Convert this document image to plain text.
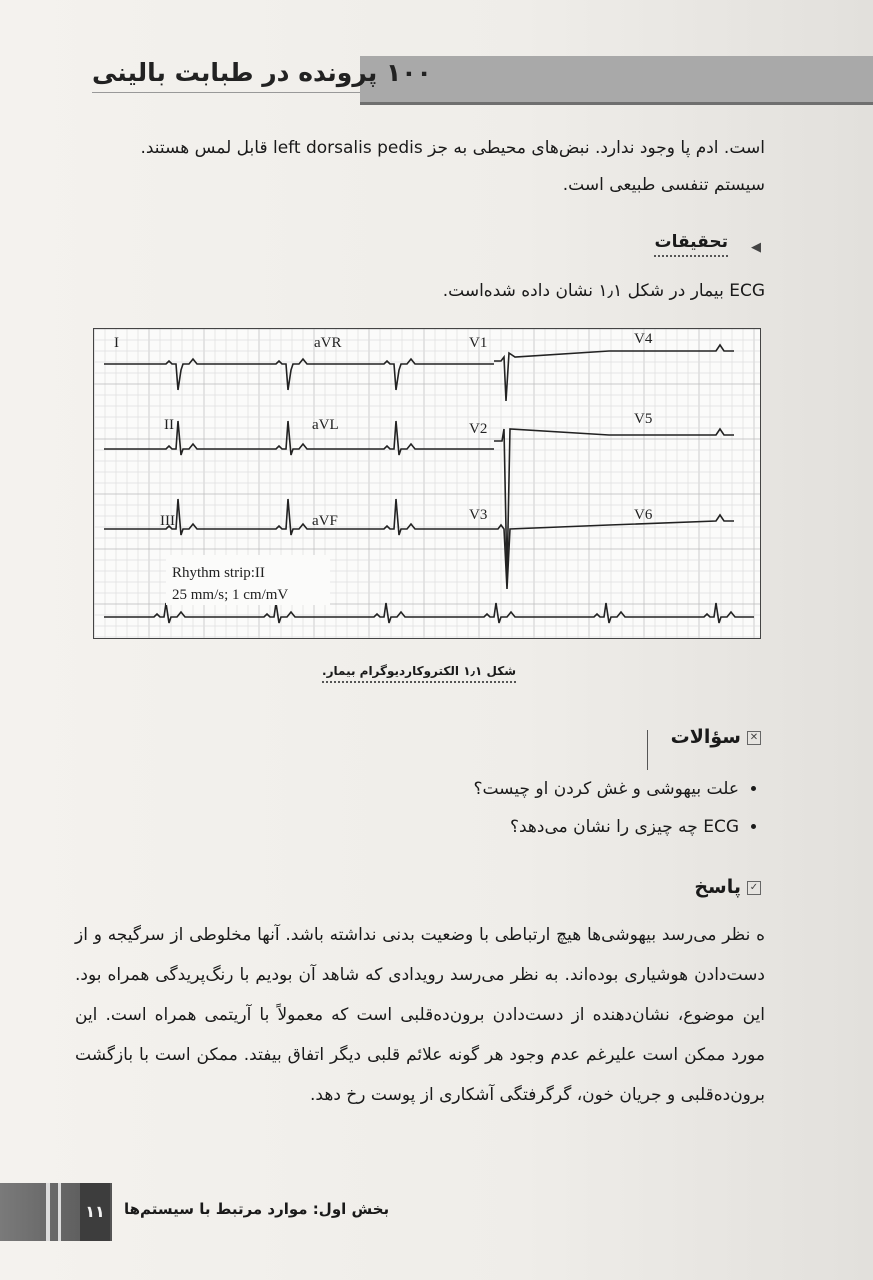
۱۰۰ پرونده در طبابت بالینی
است. ادم پا وجود ندارد. نبض‌های محیطی به جز left dorsalis pedis قابل لمس هستند. سیستم تنفسی طبیعی است.
◀
تحقیقات
ECG بیمار در شکل ۱٫۱ نشان داده شده‌است.
I	aVR	V1	V4
II	aVL	V2
V5
III	aVF	V3	V6
Rhythm strip:II
25 mm/s; 1 cm/mV
شکل ۱٫۱ الکتروکاردیوگرام بیمار.
✕
سؤالات
• علت بیهوشی و غش کردن او چیست؟
• ECG چه چیزی را نشان می‌دهد؟
✓
پاسخ
ه نظر می‌رسد بیهوشی‌ها هیچ ارتباطی با وضعیت بدنی نداشته باشد. آنها مخلوطی از سرگیجه و از دست‌دادن هوشیاری بوده‌اند. به نظر می‌رسد رویدادی که شاهد آن بودیم با رنگ‌پریدگی همراه بود. این موضوع، نشان‌دهنده از دست‌دادن برون‌ده‌قلبی است که معمولاً با آریتمی همراه است. این مورد ممکن است علیرغم عدم وجود هر گونه علائم قلبی دیگر اتفاق بیفتد. ممکن است با بازگشت برون‌ده‌قلبی و جریان خون، گرگرفتگی آشکاری از پوست رخ دهد.
۱۱	بخش اول: موارد مرتبط با سیستم‌ها
